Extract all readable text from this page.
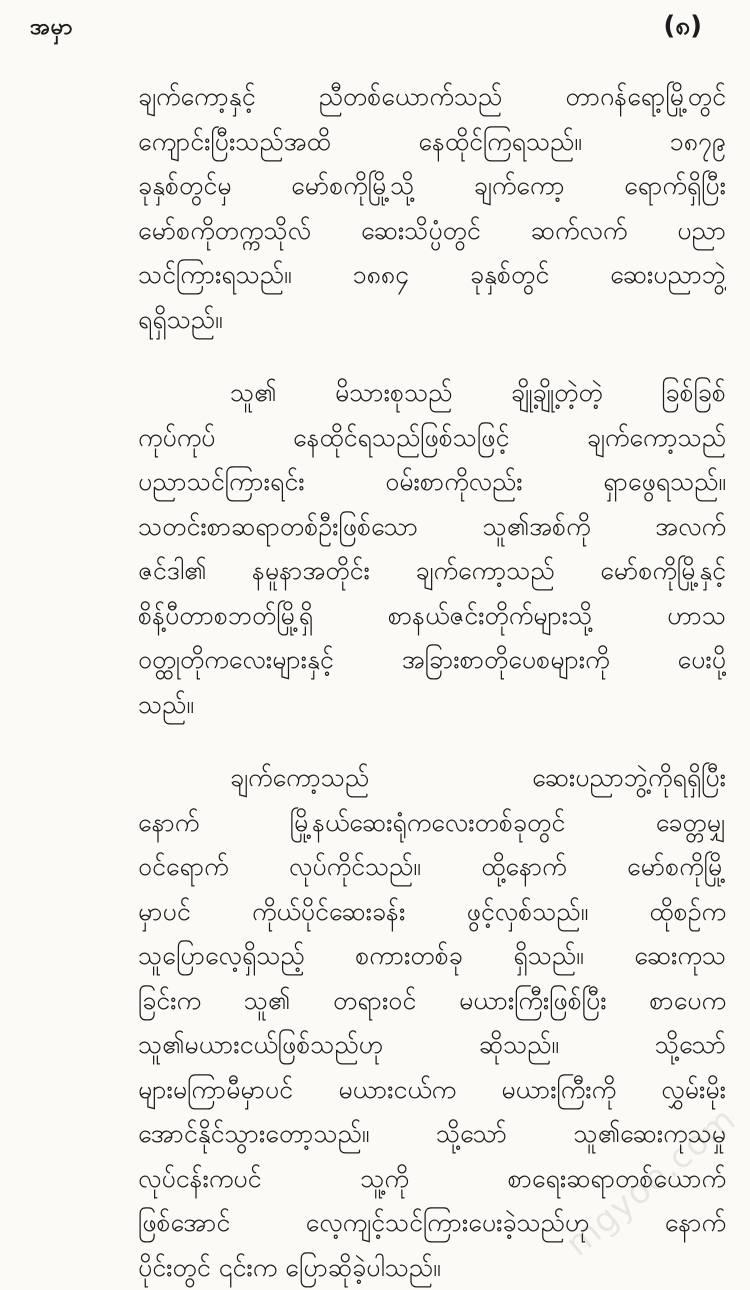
အမှာ	(၈)
ချက်ကော့နှင့် ညီတစ်ယောက်သည် တာဂန်ရော့မြို့တွင်
ကျောင်းပြီးသည်အထိ နေထိုင်ကြရသည်။ ၁၈၇၉
ခုနှစ်တွင်မှ မော်စကိုမြို့သို့ ချက်ကော့ ရောက်ရှိပြီး
မော်စကိုတက္ကသိုလ် ဆေးသိပ္ပံတွင် ဆက်လက် ပညာ
သင်ကြားရသည်။ ၁၈၈၄ ခုနှစ်တွင် ဆေးပညာဘွဲ့
ရရှိသည်။
သူ၏ မိသားစုသည် ချို့ချို့တဲ့တဲ့ ခြစ်ခြစ်
ကုပ်ကုပ် နေထိုင်ရသည်ဖြစ်သဖြင့် ချက်ကော့သည်
ပညာသင်ကြားရင်း ဝမ်းစာကိုလည်း ရှာဖွေရသည်။
သတင်းစာဆရာတစ်ဦးဖြစ်သော သူ၏အစ်ကို အလက်
ဇင်ဒါ၏ နမူနာအတိုင်း ချက်ကော့သည် မော်စကိုမြို့နှင့်
စိန့်ပီတာစဘတ်မြို့ရှိ စာနယ်ဇင်းတိုက်များသို့ ဟာသ
ဝတ္ထုတိုကလေးများနှင့် အခြားစာတိုပေစများကို ပေးပို့
သည်။
ချက်ကော့သည် ဆေးပညာဘွဲ့ကိုရရှိပြီး
နောက် မြို့နယ်ဆေးရုံကလေးတစ်ခုတွင် ခေတ္တမျှ
ဝင်ရောက် လုပ်ကိုင်သည်။ ထို့နောက် မော်စကိုမြို့
မှာပင် ကိုယ်ပိုင်ဆေးခန်း ဖွင့်လှစ်သည်။ ထိုစဉ်က
သူပြောလေ့ရှိသည့် စကားတစ်ခု ရှိသည်။ ဆေးကုသ
ခြင်းက သူ၏ တရားဝင် မယားကြီးဖြစ်ပြီး စာပေက
သူ၏မယားငယ်ဖြစ်သည်ဟု ဆိုသည်။ သို့သော်
များမကြာမီမှာပင် မယားငယ်က မယားကြီးကို လွှမ်းမိုး
အောင်နိုင်သွားတော့သည်။ သို့သော် သူ၏ဆေးကုသမှု
လုပ်ငန်းကပင် သူ့ကို စာရေးဆရာတစ်ယောက်
ဖြစ်အောင် လေ့ကျင့်သင်ကြားပေးခဲ့သည်ဟု နောက်
ပိုင်းတွင် ၎င်းက ပြောဆိုခဲ့ပါသည်။
mgyoe.com
